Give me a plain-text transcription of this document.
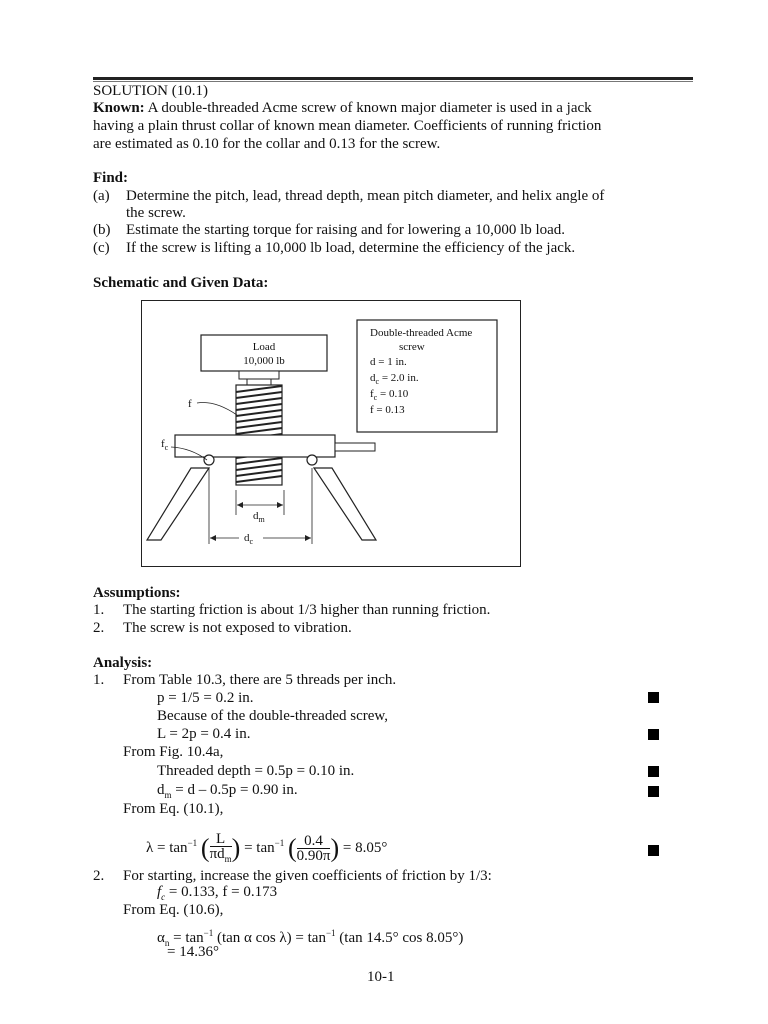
SOLUTION (10.1)
Known: A double-threaded Acme screw of known major diameter is used in a jack
having a plain thrust collar of known mean diameter. Coefficients of running friction
are estimated as 0.10 for the collar and 0.13 for the screw.
Find:
(a) Determine the pitch, lead, thread depth, mean pitch diameter, and helix angle of
the screw.
(b) Estimate the starting torque for raising and for lowering a 10,000 lb load.
(c) If the screw is lifting a 10,000 lb load, determine the efficiency of the jack.
Schematic and Given Data:
Load
10,000 lb
f
$f_c$
$d_m$
$d_c$
Double-threaded Acme
screw
d = 1 in.
$d_c = 2.0$ in.
$f_c = 0.10$
f = 0.13
Assumptions:
1. The starting friction is about 1/3 higher than running friction.
2. The screw is not exposed to vibration.
Analysis:
1. From Table 10.3, there are 5 threads per inch.
p = 1/5 = 0.2 in.
Because of the double-threaded screw,
L = 2p = 0.4 in.
From Fig. 10.4a,
Threaded depth = 0.5p = 0.10 in.
$d_m = d - 0.5p = 0.90$ in.
From Eq. (10.1),
$\lambda = \tan^{-1}$ ( $\frac{L}{\pi d_m}$ ) = $\tan^{-1}$ ( $\frac{0.4}{0.90\pi}$ ) = 8.05°
2. For starting, increase the given coefficients of friction by 1/3:
$f_c = 0.133$, f = 0.173
From Eq. (10.6),
$\alpha_n = \tan^{-1} (\tan$ α $\cos \lambda) = \tan^{-1} (\tan$ 14.5° cos 8.05°)
= 14.36°
10-1
